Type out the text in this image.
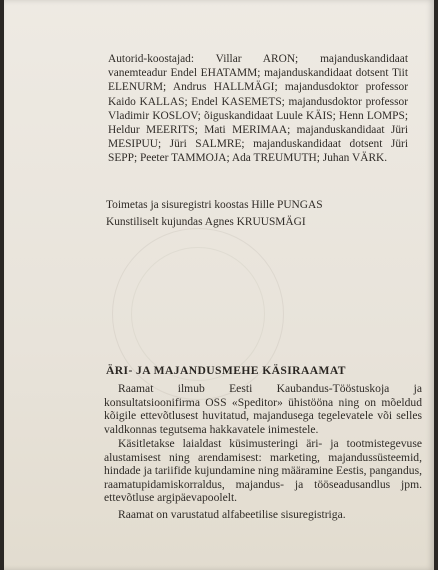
Autorid-koostajad: Villar ARON; majanduskandidaat vanemteadur Endel EHATAMM; majanduskandidaat dotsent Tiit ELENURM; Andrus HALLMÄGI; majandusdoktor professor Kaido KALLAS; Endel KASEMETS; majandusdoktor professor Vladimir KOSLOV; õiguskandidaat Luule KÄIS; Henn LOMPS; Heldur MEERITS; Mati MERIMAA; majanduskandidaat Jüri MESIPUU; Jüri SALMRE; majanduskandidaat dotsent Jüri SEPP; Peeter TAMMOJA; Ada TREUMUTH; Juhan VÄRK.

Toimetas ja sisuregistri koostas Hille PUNGAS

Kunstiliselt kujundas Agnes KRUUSMÄGI

ÄRI- JA MAJANDUSMEHE KÄSIRAAMAT

Raamat ilmub Eesti Kaubandus-Tööstuskoja ja konsultatsioonifirma OSS «Speditor» ühistööna ning on mõeldud kõigile ettevõtlusest huvitatud, majandusega tegelevatele või selles valdkonnas tegutsema hakkavatele inimestele.

Käsitletakse laialdast küsimusteringi äri- ja tootmistegevuse alustamisest ning arendamisest: marketing, majandussüsteemid, hindade ja tariifide kujundamine ning määramine Eestis, pangandus, raamatupidamiskorraldus, majandus- ja tööseadusandlus jpm. ettevõtluse argipäevapoolelt.

Raamat on varustatud alfabeetilise sisuregistriga.
